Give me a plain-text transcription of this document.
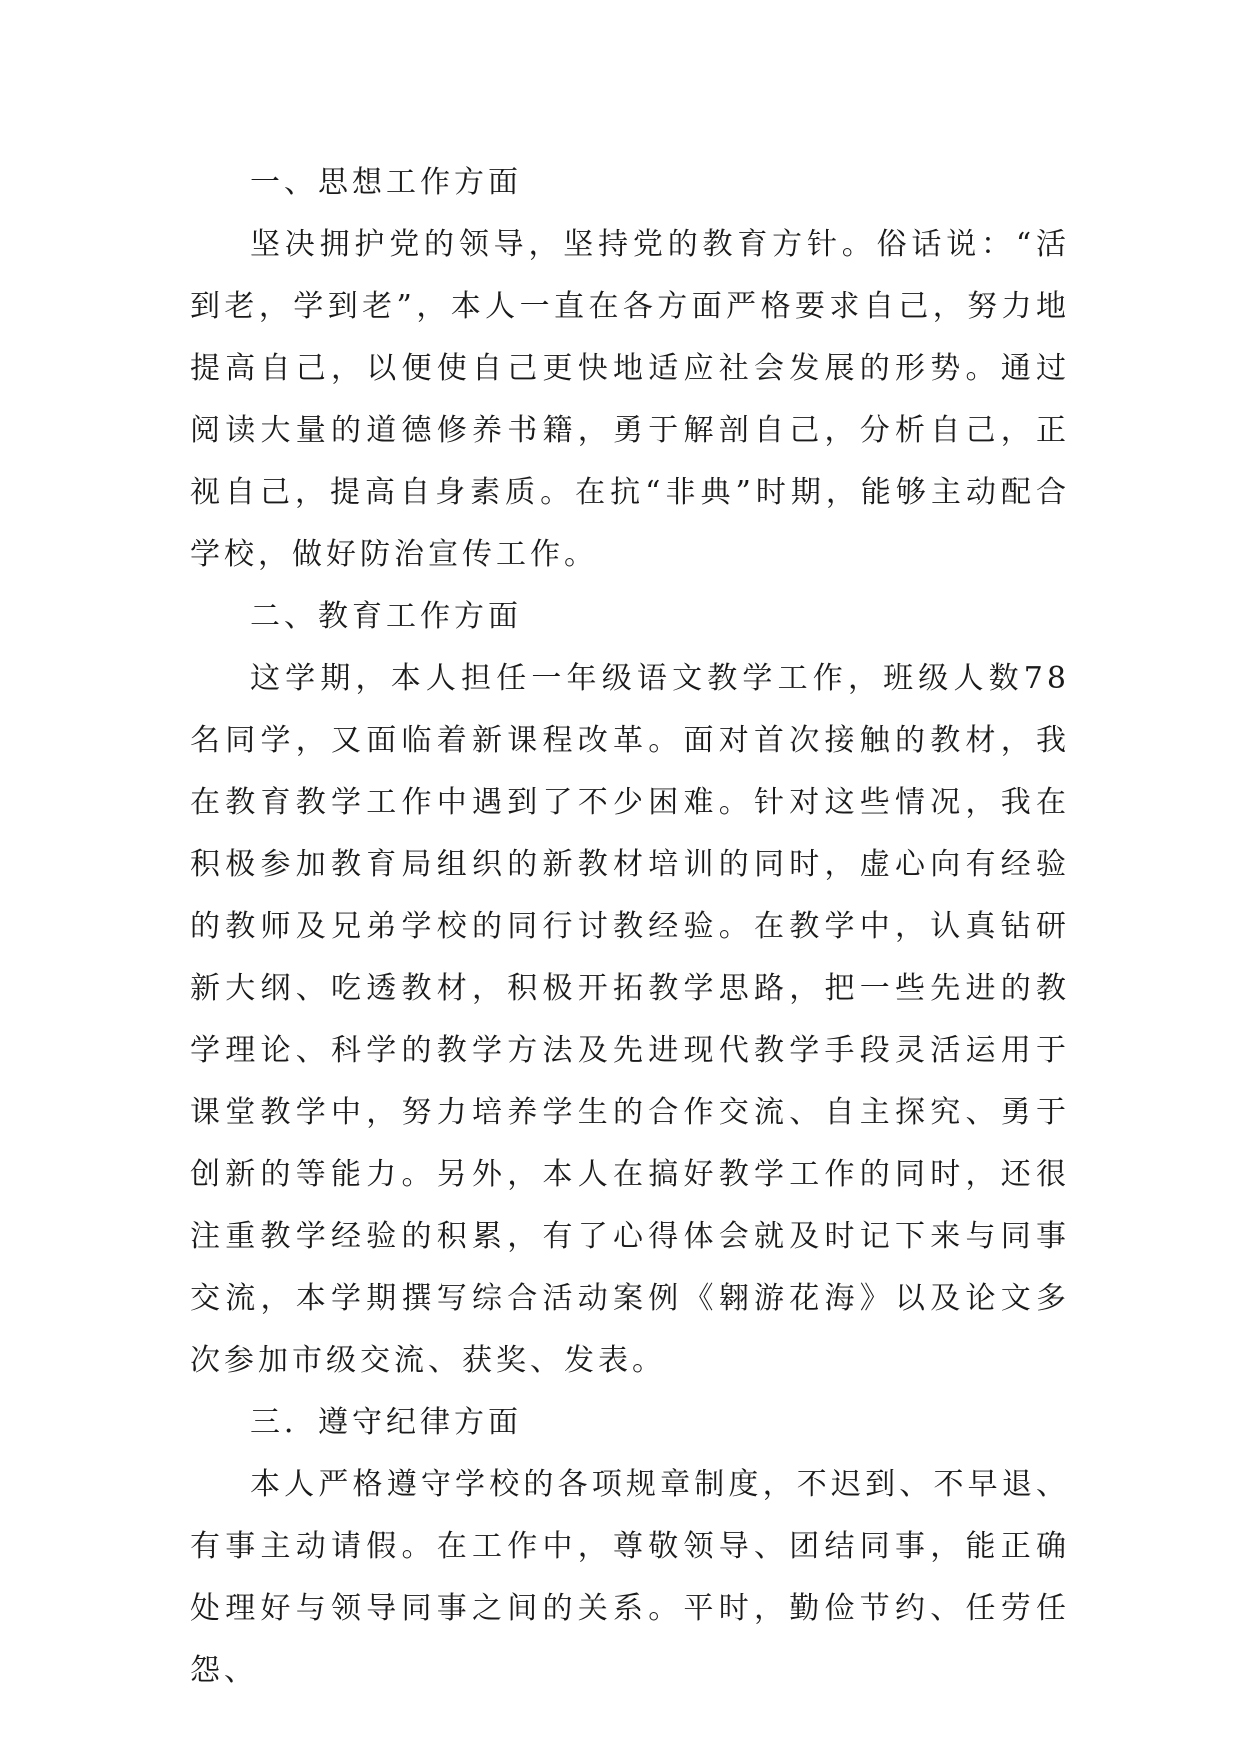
一、思想工作方面

坚决拥护党的领导，坚持党的教育方针。俗话说：“活到老，学到老”，本人一直在各方面严格要求自己，努力地提高自己，以便使自己更快地适应社会发展的形势。通过阅读大量的道德修养书籍，勇于解剖自己，分析自己，正视自己，提高自身素质。在抗“非典”时期，能够主动配合学校，做好防治宣传工作。

二、教育工作方面

这学期，本人担任一年级语文教学工作，班级人数78名同学，又面临着新课程改革。面对首次接触的教材，我在教育教学工作中遇到了不少困难。针对这些情况，我在积极参加教育局组织的新教材培训的同时，虚心向有经验的教师及兄弟学校的同行讨教经验。在教学中，认真钻研新大纲、吃透教材，积极开拓教学思路，把一些先进的教学理论、科学的教学方法及先进现代教学手段灵活运用于课堂教学中，努力培养学生的合作交流、自主探究、勇于创新的等能力。另外，本人在搞好教学工作的同时，还很注重教学经验的积累，有了心得体会就及时记下来与同事交流，本学期撰写综合活动案例《翱游花海》以及论文多次参加市级交流、获奖、发表。

三．遵守纪律方面

本人严格遵守学校的各项规章制度，不迟到、不早退、有事主动请假。在工作中，尊敬领导、团结同事，能正确处理好与领导同事之间的关系。平时，勤俭节约、任劳任怨、
